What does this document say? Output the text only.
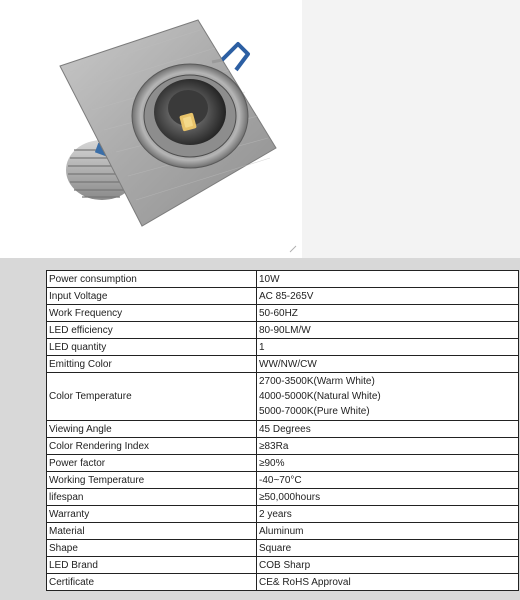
Power consumption	10W

Input Voltage	AC 85-265V

Work Frequency	50-60HZ

LED efficiency	80-90LM/W

LED quantity	1

Emitting Color	WW/NW/CW

Color Temperature	2700-3500K(Warm White)
4000-5000K(Natural White)
5000-7000K(Pure White)

Viewing Angle	45 Degrees

Color Rendering Index	≥83Ra

Power factor	≥90%

Working Temperature	-40~70°C

lifespan	≥50,000hours

Warranty	2 years

Material	Aluminum

Shape	Square

LED Brand	COB Sharp

Certificate	CE& RoHS Approval
